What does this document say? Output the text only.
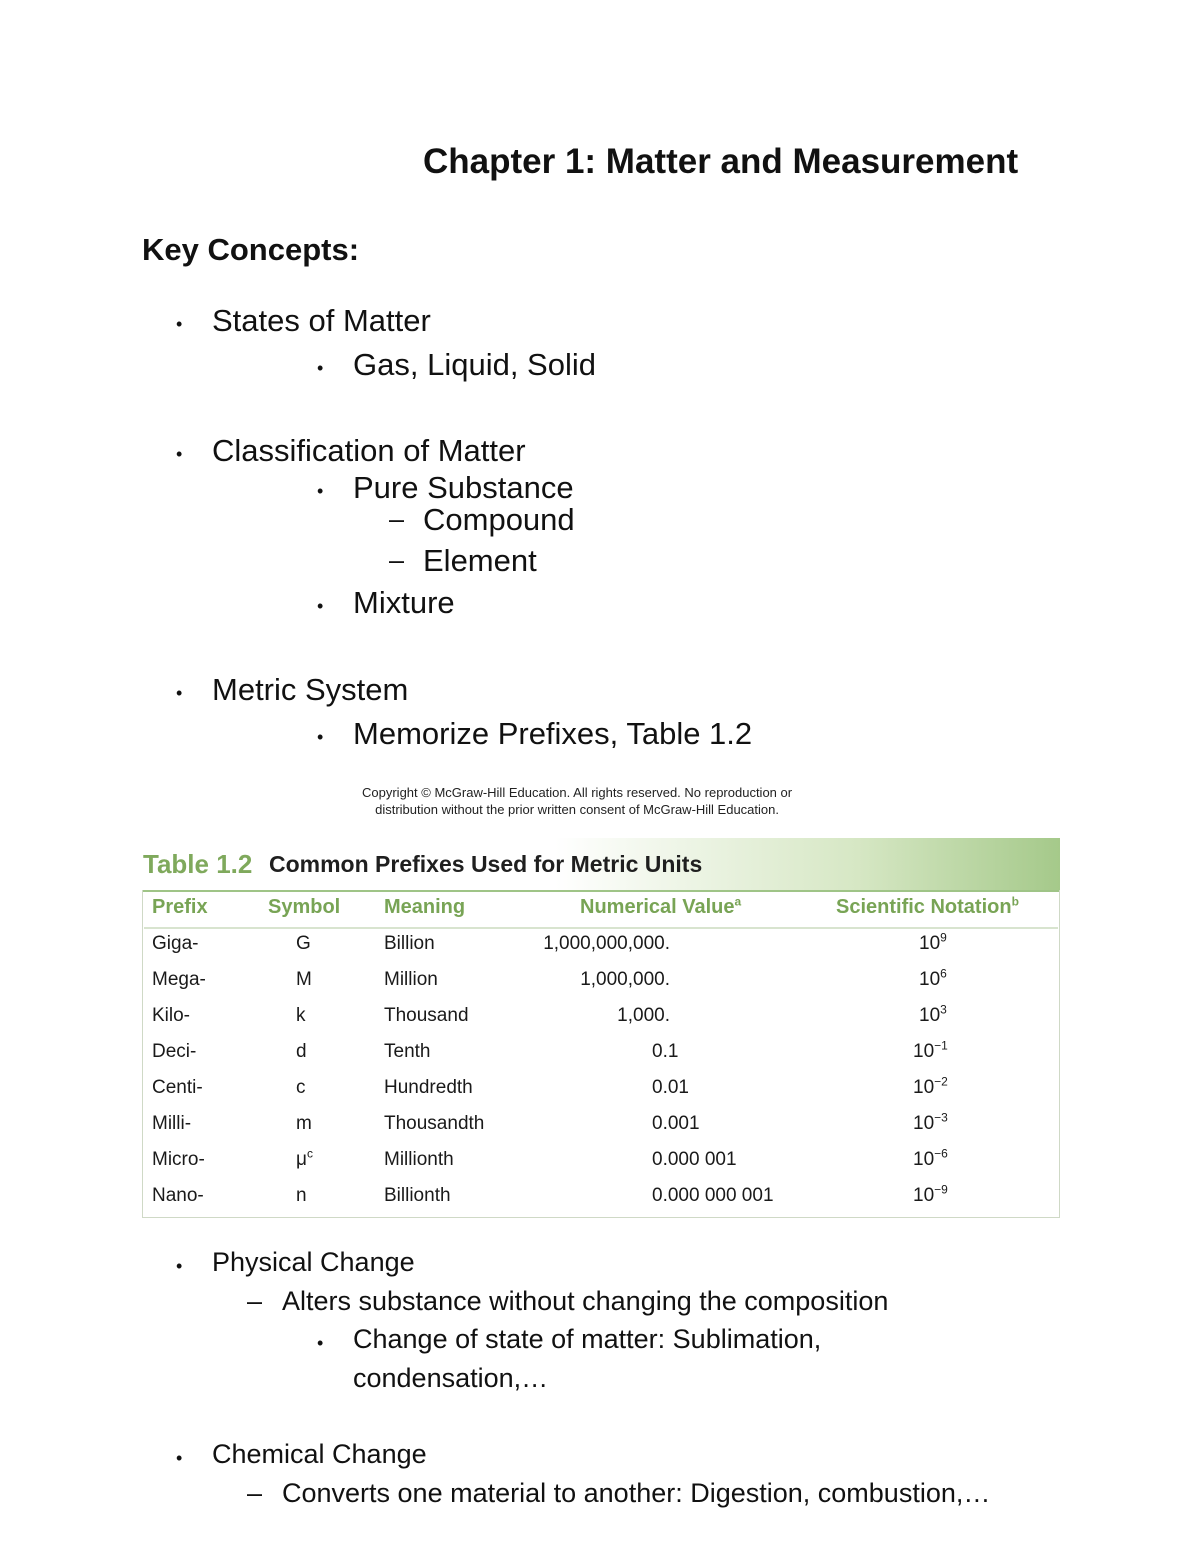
Chapter 1: Matter and Measurement
Key Concepts:
• States of Matter
• Gas, Liquid, Solid
• Classification of Matter
• Pure Substance
– Compound
– Element
• Mixture
• Metric System
• Memorize Prefixes, Table 1.2
Copyright © McGraw-Hill Education. All rights reserved. No reproduction or
distribution without the prior written consent of McGraw-Hill Education.
Table 1.2 Common Prefixes Used for Metric Units
Prefix	Symbol Meaning	Numerical Value$^a$	Scientific Notation$^b$
Giga-	G	Billion	1,000,000,000.	$10^9$
Mega-	M	Million	1,000,000.	$10^6$
Kilo-	k	Thousand	1,000.	$10^3$
Deci-	d	Tenth	0.1	$10^{-1}$
Centi-	c	Hundredth	0.01	$10^{-2}$
Milli-	m	Thousandth	0.001	$10^{-3}$
Micro-	$\mu^c$	Millionth	0.000 001	$10^{-6}$
Nano-	n	Billionth	0.000 000 001	$10^{-9}$
• Physical Change
– Alters substance without changing the composition
• Change of state of matter: Sublimation,
condensation,…
• Chemical Change
– Converts one material to another: Digestion, combustion,…
